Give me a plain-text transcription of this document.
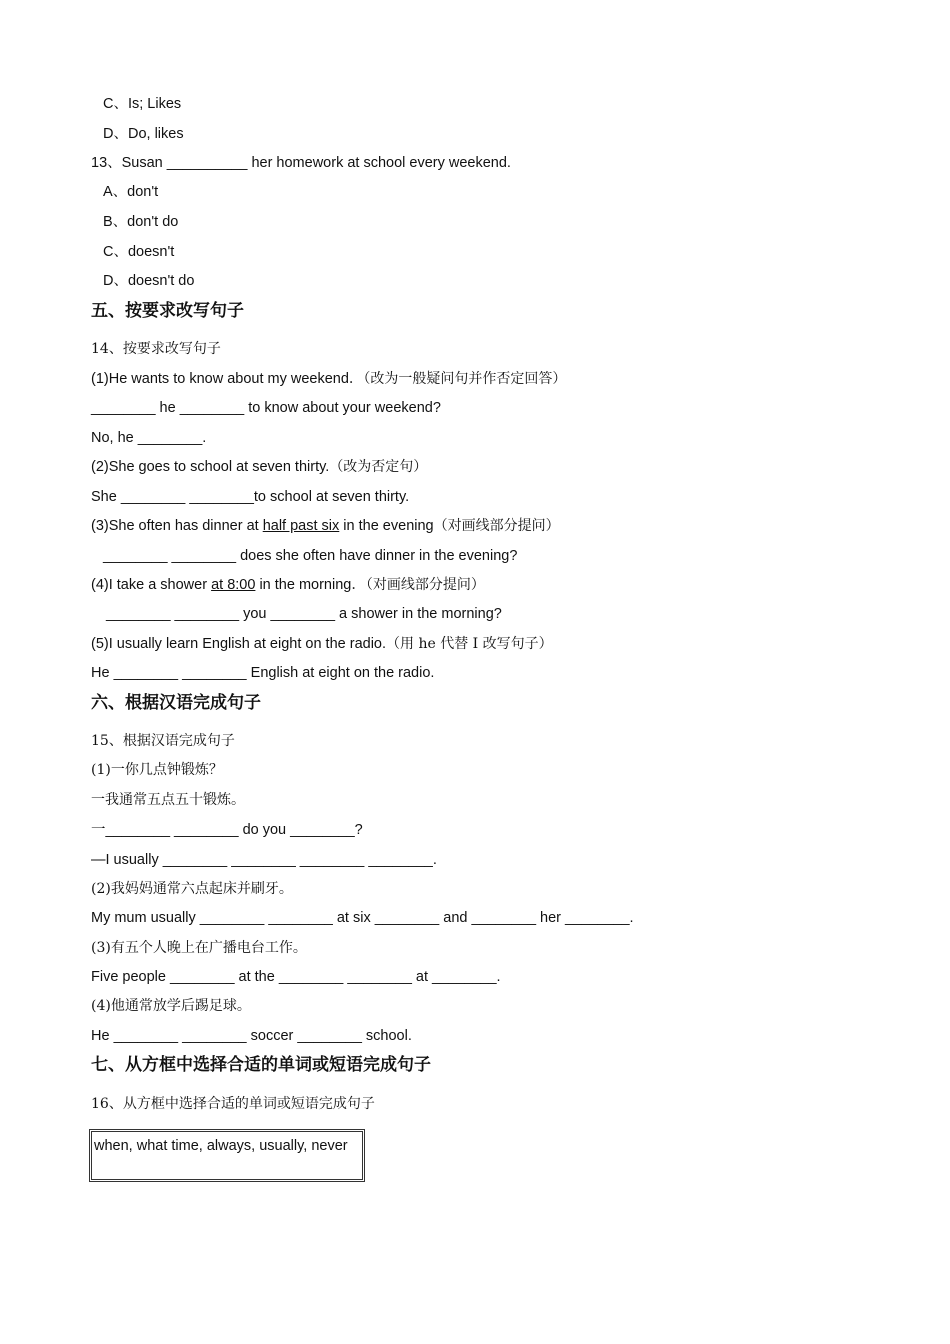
C、Is; Likes
D、Do, likes
13、Susan __________ her homework at school every weekend.
A、don't
B、don't do
C、doesn't
D、doesn't do
五、按要求改写句子
14、按要求改写句子
(1)He wants to know about my weekend．（改为一般疑问句并作否定回答）
________ he ________ to know about your weekend?
No, he ________.
(2)She goes to school at seven thirty.（改为否定句）
She ________ ________to school at seven thirty.
(3)She often has dinner at half past six in the evening（对画线部分提问）
________ ________ does she often have dinner in the evening?
(4)I take a shower at 8:00 in the morning．（对画线部分提问）
________ ________ you ________ a shower in the morning?
(5)I usually learn English at eight on the radio.（用 he 代替 I 改写句子）
He ________ ________ English at eight on the radio.
六、根据汉语完成句子
15、根据汉语完成句子
(1)一你几点钟锻炼？
一我通常五点五十锻炼。
一________ ________ do you ________?
—I usually ________ ________ ________ ________.
(2)我妈妈通常六点起床并刷牙。
My mum usually ________ ________ at six ________ and ________ her ________.
(3)有五个人晚上在广播电台工作。
Five people ________ at the ________ ________ at ________.
(4)他通常放学后踢足球。
He ________ ________ soccer ________ school.
七、从方框中选择合适的单词或短语完成句子
16、从方框中选择合适的单词或短语完成句子
when, what time, always, usually, never
